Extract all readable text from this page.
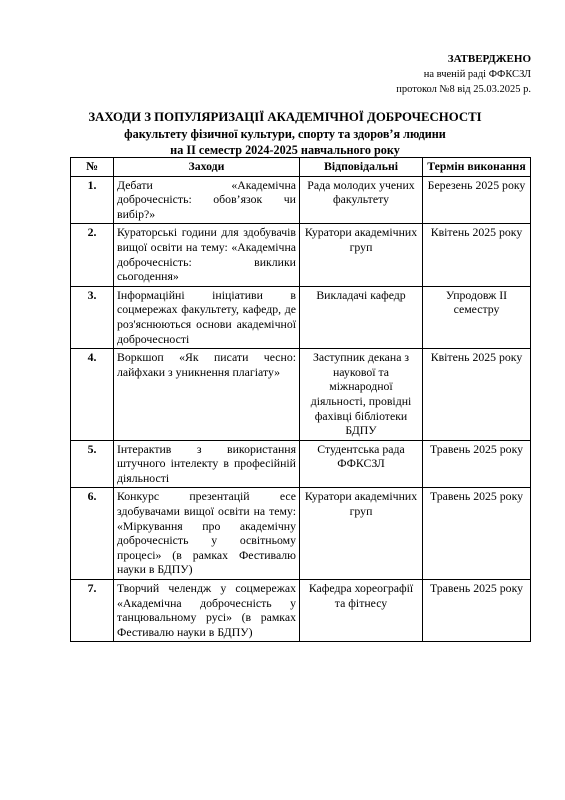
ЗАТВЕРДЖЕНО
на вченій раді ФФКСЗЛ
протокол №8 від 25.03.2025 р.
ЗАХОДИ З ПОПУЛЯРИЗАЦІЇ АКАДЕМІЧНОЇ ДОБРОЧЕСНОСТІ
факультету фізичної культури, спорту та здоров’я людини
на ІІ семестр 2024-2025 навчального року
№	Заходи	Відповідальні	Термін виконання
1.	Дебати «Академічна доброчесність: обов’язок чи вибір?»	Рада молодих учених факультету	Березень 2025 року
2.	Кураторські години для здобувачів вищої освіти на тему: «Академічна доброчесність: виклики сьогодення»	Куратори академічних груп	Квітень 2025 року
3.	Інформаційні ініціативи в соцмережах факультету, кафедр, де роз'яснюються основи академічної доброчесності	Викладачі кафедр	Упродовж ІІ семестру
4.	Воркшоп «Як писати чесно: лайфхаки з уникнення плагіату»	Заступник декана з наукової та міжнародної діяльності, провідні фахівці бібліотеки БДПУ	Квітень 2025 року
5.	Інтерактив з використання штучного інтелекту в професійній діяльності	Студентська рада ФФКСЗЛ	Травень 2025 року
6.	Конкурс презентацій есе здобувачами вищої освіти на тему: «Міркування про академічну доброчесність у освітньому процесі» (в рамках Фестивалю науки в БДПУ)	Куратори академічних груп	Травень 2025 року
7.	Творчий челендж у соцмережах «Академічна доброчесність у танцювальному русі» (в рамках Фестивалю науки в БДПУ)	Кафедра хореографії та фітнесу	Травень 2025 року
